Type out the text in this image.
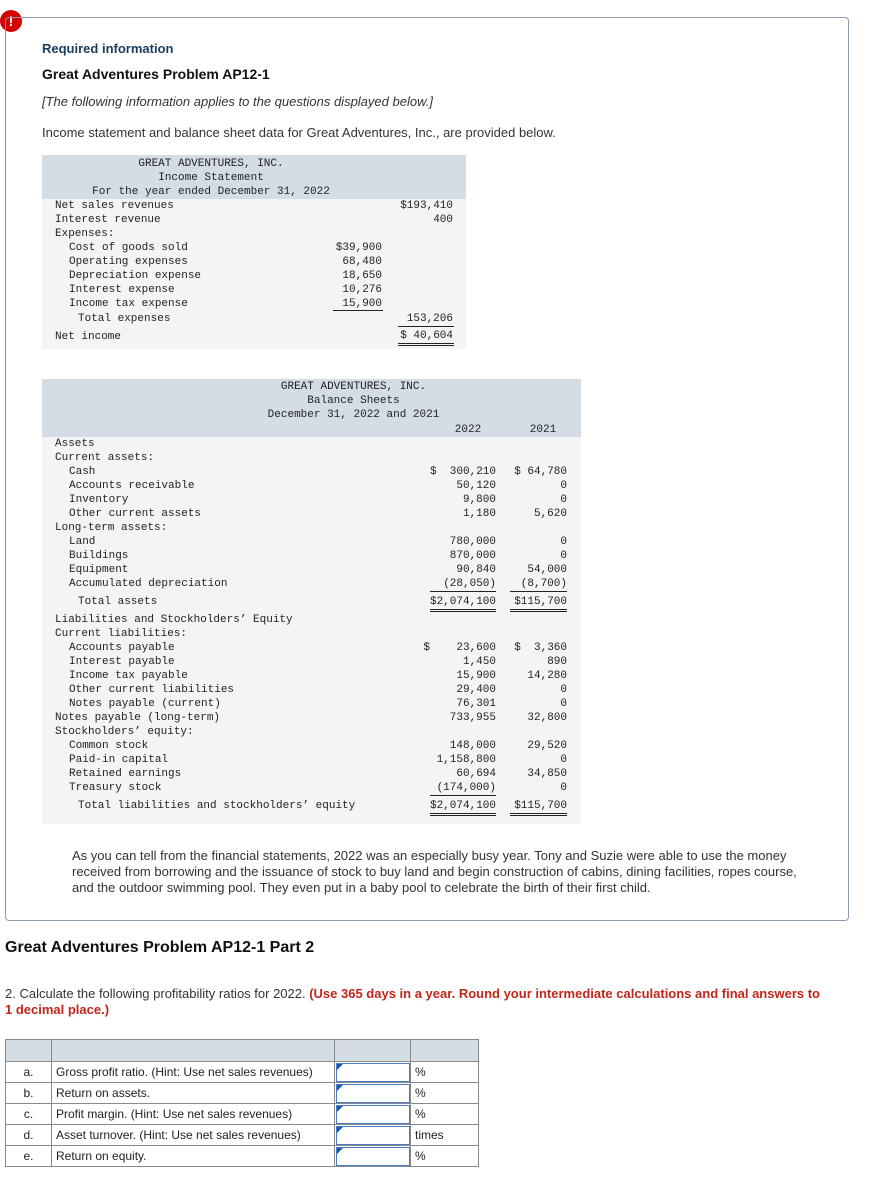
!
Required information
Great Adventures Problem AP12-1
[The following information applies to the questions displayed below.]
Income statement and balance sheet data for Great Adventures, Inc., are provided below.
GREAT ADVENTURES, INC.
Income Statement
For the year ended December 31, 2022
Net sales revenues	$193,410
Interest revenue	400
Expenses:
Cost of goods sold	$39,900
Operating expenses	68,480
Depreciation expense	18,650
Interest expense	10,276
Income tax expense	15,900
Total expenses	153,206
Net income	$ 40,604
GREAT ADVENTURES, INC.
Balance Sheets
December 31, 2022 and 2021
2022	2021
Assets
Current assets:
Cash	$  300,210	$ 64,780
Accounts receivable	50,120	0
Inventory	9,800	0
Other current assets	1,180	5,620
Long-term assets:
Land	780,000	0
Buildings	870,000	0
Equipment	90,840	54,000
Accumulated depreciation	(28,050)	(8,700)
Total assets	$2,074,100	$115,700
Liabilities and Stockholders’ Equity
Current liabilities:
Accounts payable	$    23,600	$  3,360
Interest payable	1,450	890
Income tax payable	15,900	14,280
Other current liabilities	29,400	0
Notes payable (current)	76,301	0
Notes payable (long-term)	733,955	32,800
Stockholders’ equity:
Common stock	148,000	29,520
Paid-in capital	1,158,800	0
Retained earnings	60,694	34,850
Treasury stock	(174,000)	0
Total liabilities and stockholders’ equity	$2,074,100	$115,700
As you can tell from the financial statements, 2022 was an especially busy year. Tony and Suzie were able to use the money received from borrowing and the issuance of stock to buy land and begin construction of cabins, dining facilities, ropes course, and the outdoor swimming pool. They even put in a baby pool to celebrate the birth of their first child.
Great Adventures Problem AP12-1 Part 2
2. Calculate the following profitability ratios for 2022. (Use 365 days in a year. Round your intermediate calculations and final answers to 1 decimal place.)

a.	Gross profit ratio. (Hint: Use net sales revenues)		%
b.	Return on assets.		%
c.	Profit margin. (Hint: Use net sales revenues)		%
d.	Asset turnover. (Hint: Use net sales revenues)		times
e.	Return on equity.		%
